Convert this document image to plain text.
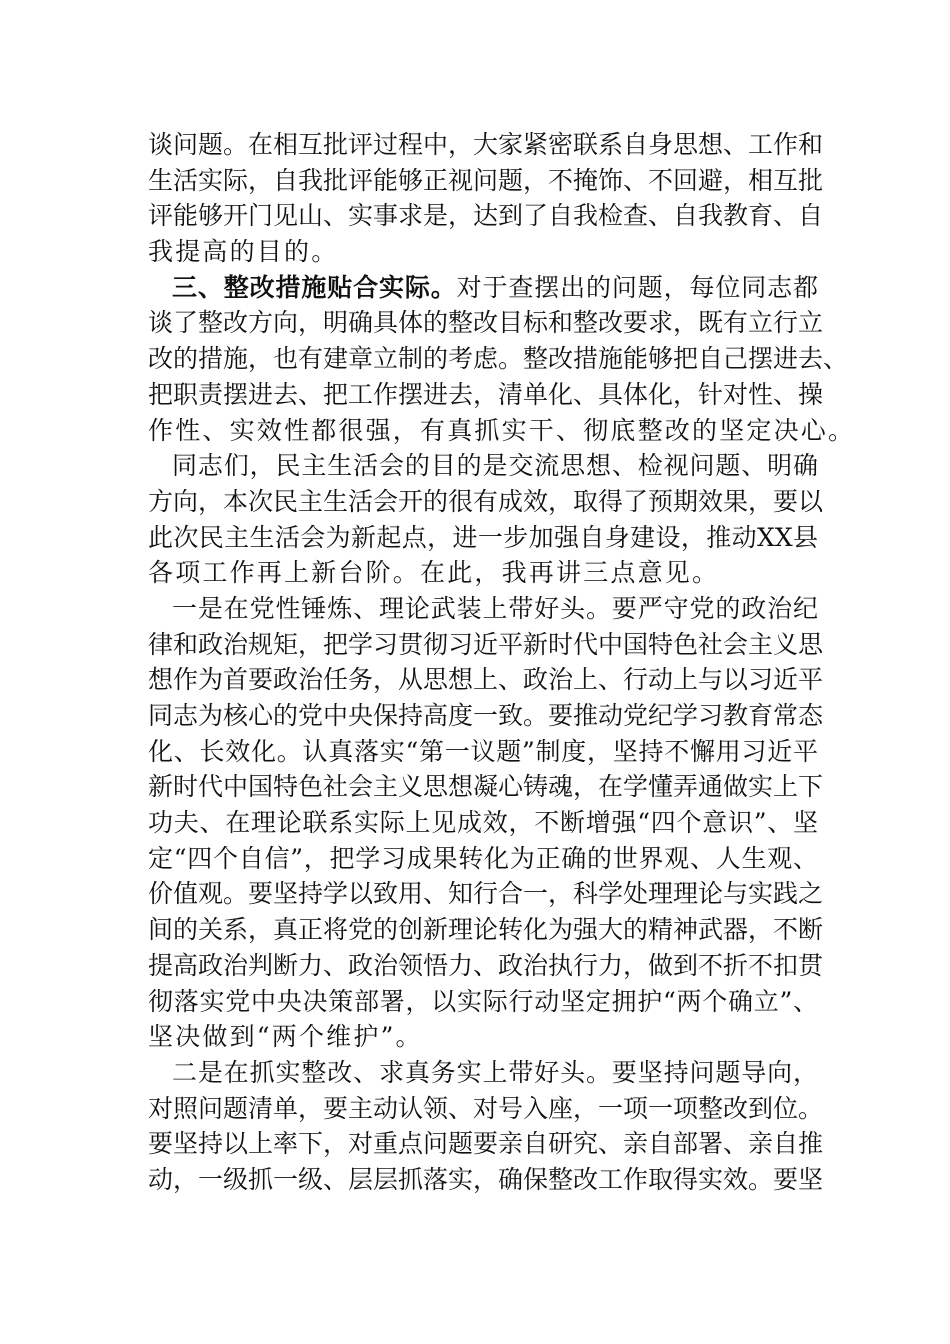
谈问题。在相互批评过程中，大家紧密联系自身思想、工作和
生活实际，自我批评能够正视问题，不掩饰、不回避，相互批
评能够开门见山、实事求是，达到了自我检查、自我教育、自
我提高的目的。
三、整改措施贴合实际。对于查摆出的问题，每位同志都
谈了整改方向，明确具体的整改目标和整改要求，既有立行立
改的措施，也有建章立制的考虑。整改措施能够把自己摆进去、
把职责摆进去、把工作摆进去，清单化、具体化，针对性、操
作性、实效性都很强，有真抓实干、彻底整改的坚定决心。
同志们，民主生活会的目的是交流思想、检视问题、明确
方向，本次民主生活会开的很有成效，取得了预期效果，要以
此次民主生活会为新起点，进一步加强自身建设，推动XX县
各项工作再上新台阶。在此，我再讲三点意见。
一是在党性锤炼、理论武装上带好头。要严守党的政治纪
律和政治规矩，把学习贯彻习近平新时代中国特色社会主义思
想作为首要政治任务，从思想上、政治上、行动上与以习近平
同志为核心的党中央保持高度一致。要推动党纪学习教育常态
化、长效化。认真落实“第一议题”制度，坚持不懈用习近平
新时代中国特色社会主义思想凝心铸魂，在学懂弄通做实上下
功夫、在理论联系实际上见成效，不断增强“四个意识”、坚
定“四个自信”，把学习成果转化为正确的世界观、人生观、
价值观。要坚持学以致用、知行合一，科学处理理论与实践之
间的关系，真正将党的创新理论转化为强大的精神武器，不断
提高政治判断力、政治领悟力、政治执行力，做到不折不扣贯
彻落实党中央决策部署，以实际行动坚定拥护“两个确立”、
坚决做到“两个维护”。
二是在抓实整改、求真务实上带好头。要坚持问题导向，
对照问题清单，要主动认领、对号入座，一项一项整改到位。
要坚持以上率下，对重点问题要亲自研究、亲自部署、亲自推
动，一级抓一级、层层抓落实，确保整改工作取得实效。要坚
